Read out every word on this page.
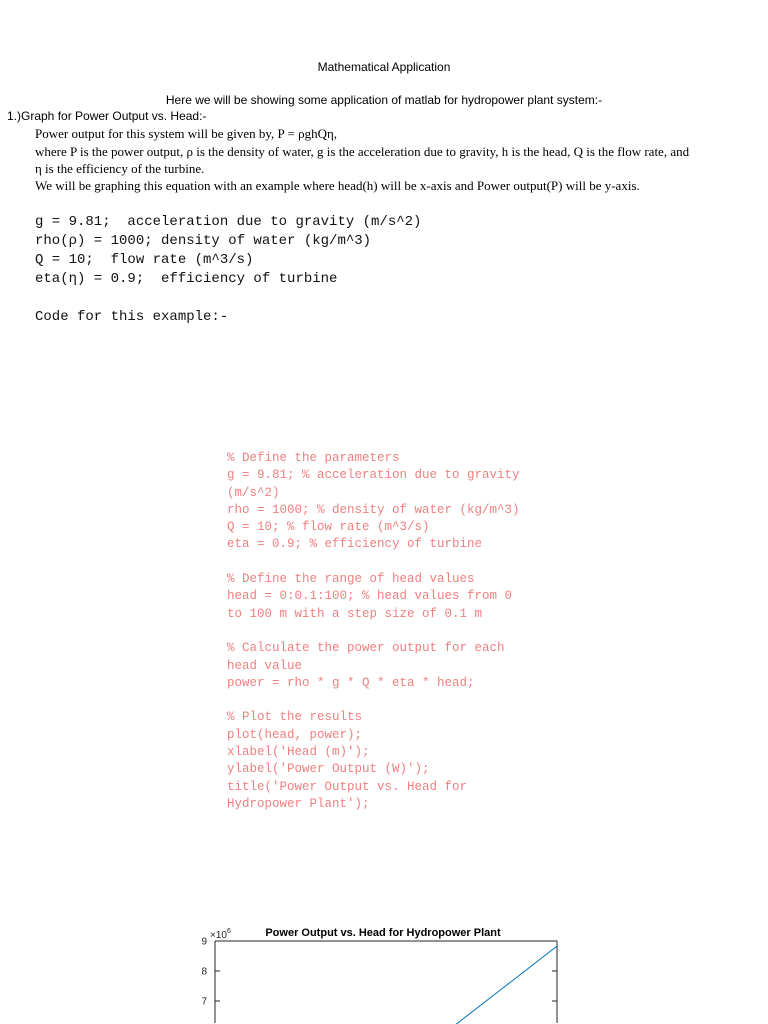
Mathematical Application
Here we will be showing some application of matlab for hydropower plant system:-
1.)Graph for Power Output vs. Head:-
Power output for this system will be given by, P = ρghQη,
where P is the power output, ρ is the density of water, g is the acceleration due to gravity, h is the head, Q is the flow rate, and
η is the efficiency of the turbine.
We will be graphing this equation with an example where head(h) will be x-axis and Power output(P) will be y-axis.
g = 9.81;  acceleration due to gravity (m/s^2)
rho(ρ) = 1000; density of water (kg/m^3)
Q = 10;  flow rate (m^3/s)
eta(η) = 0.9;  efficiency of turbine
Code for this example:-
% Define the parameters
g = 9.81; % acceleration due to gravity
(m/s^2)
rho = 1000; % density of water (kg/m^3)
Q = 10; % flow rate (m^3/s)
eta = 0.9; % efficiency of turbine
% Define the range of head values
head = 0:0.1:100; % head values from 0
to 100 m with a step size of 0.1 m
% Calculate the power output for each
head value
power = rho * g * Q * eta * head;
% Plot the results
plot(head, power);
xlabel('Head (m)');
ylabel('Power Output (W)');
title('Power Output vs. Head for
Hydropower Plant');
Power Output vs. Head for Hydropower Plant
$\times 10^6$
9
8
7
